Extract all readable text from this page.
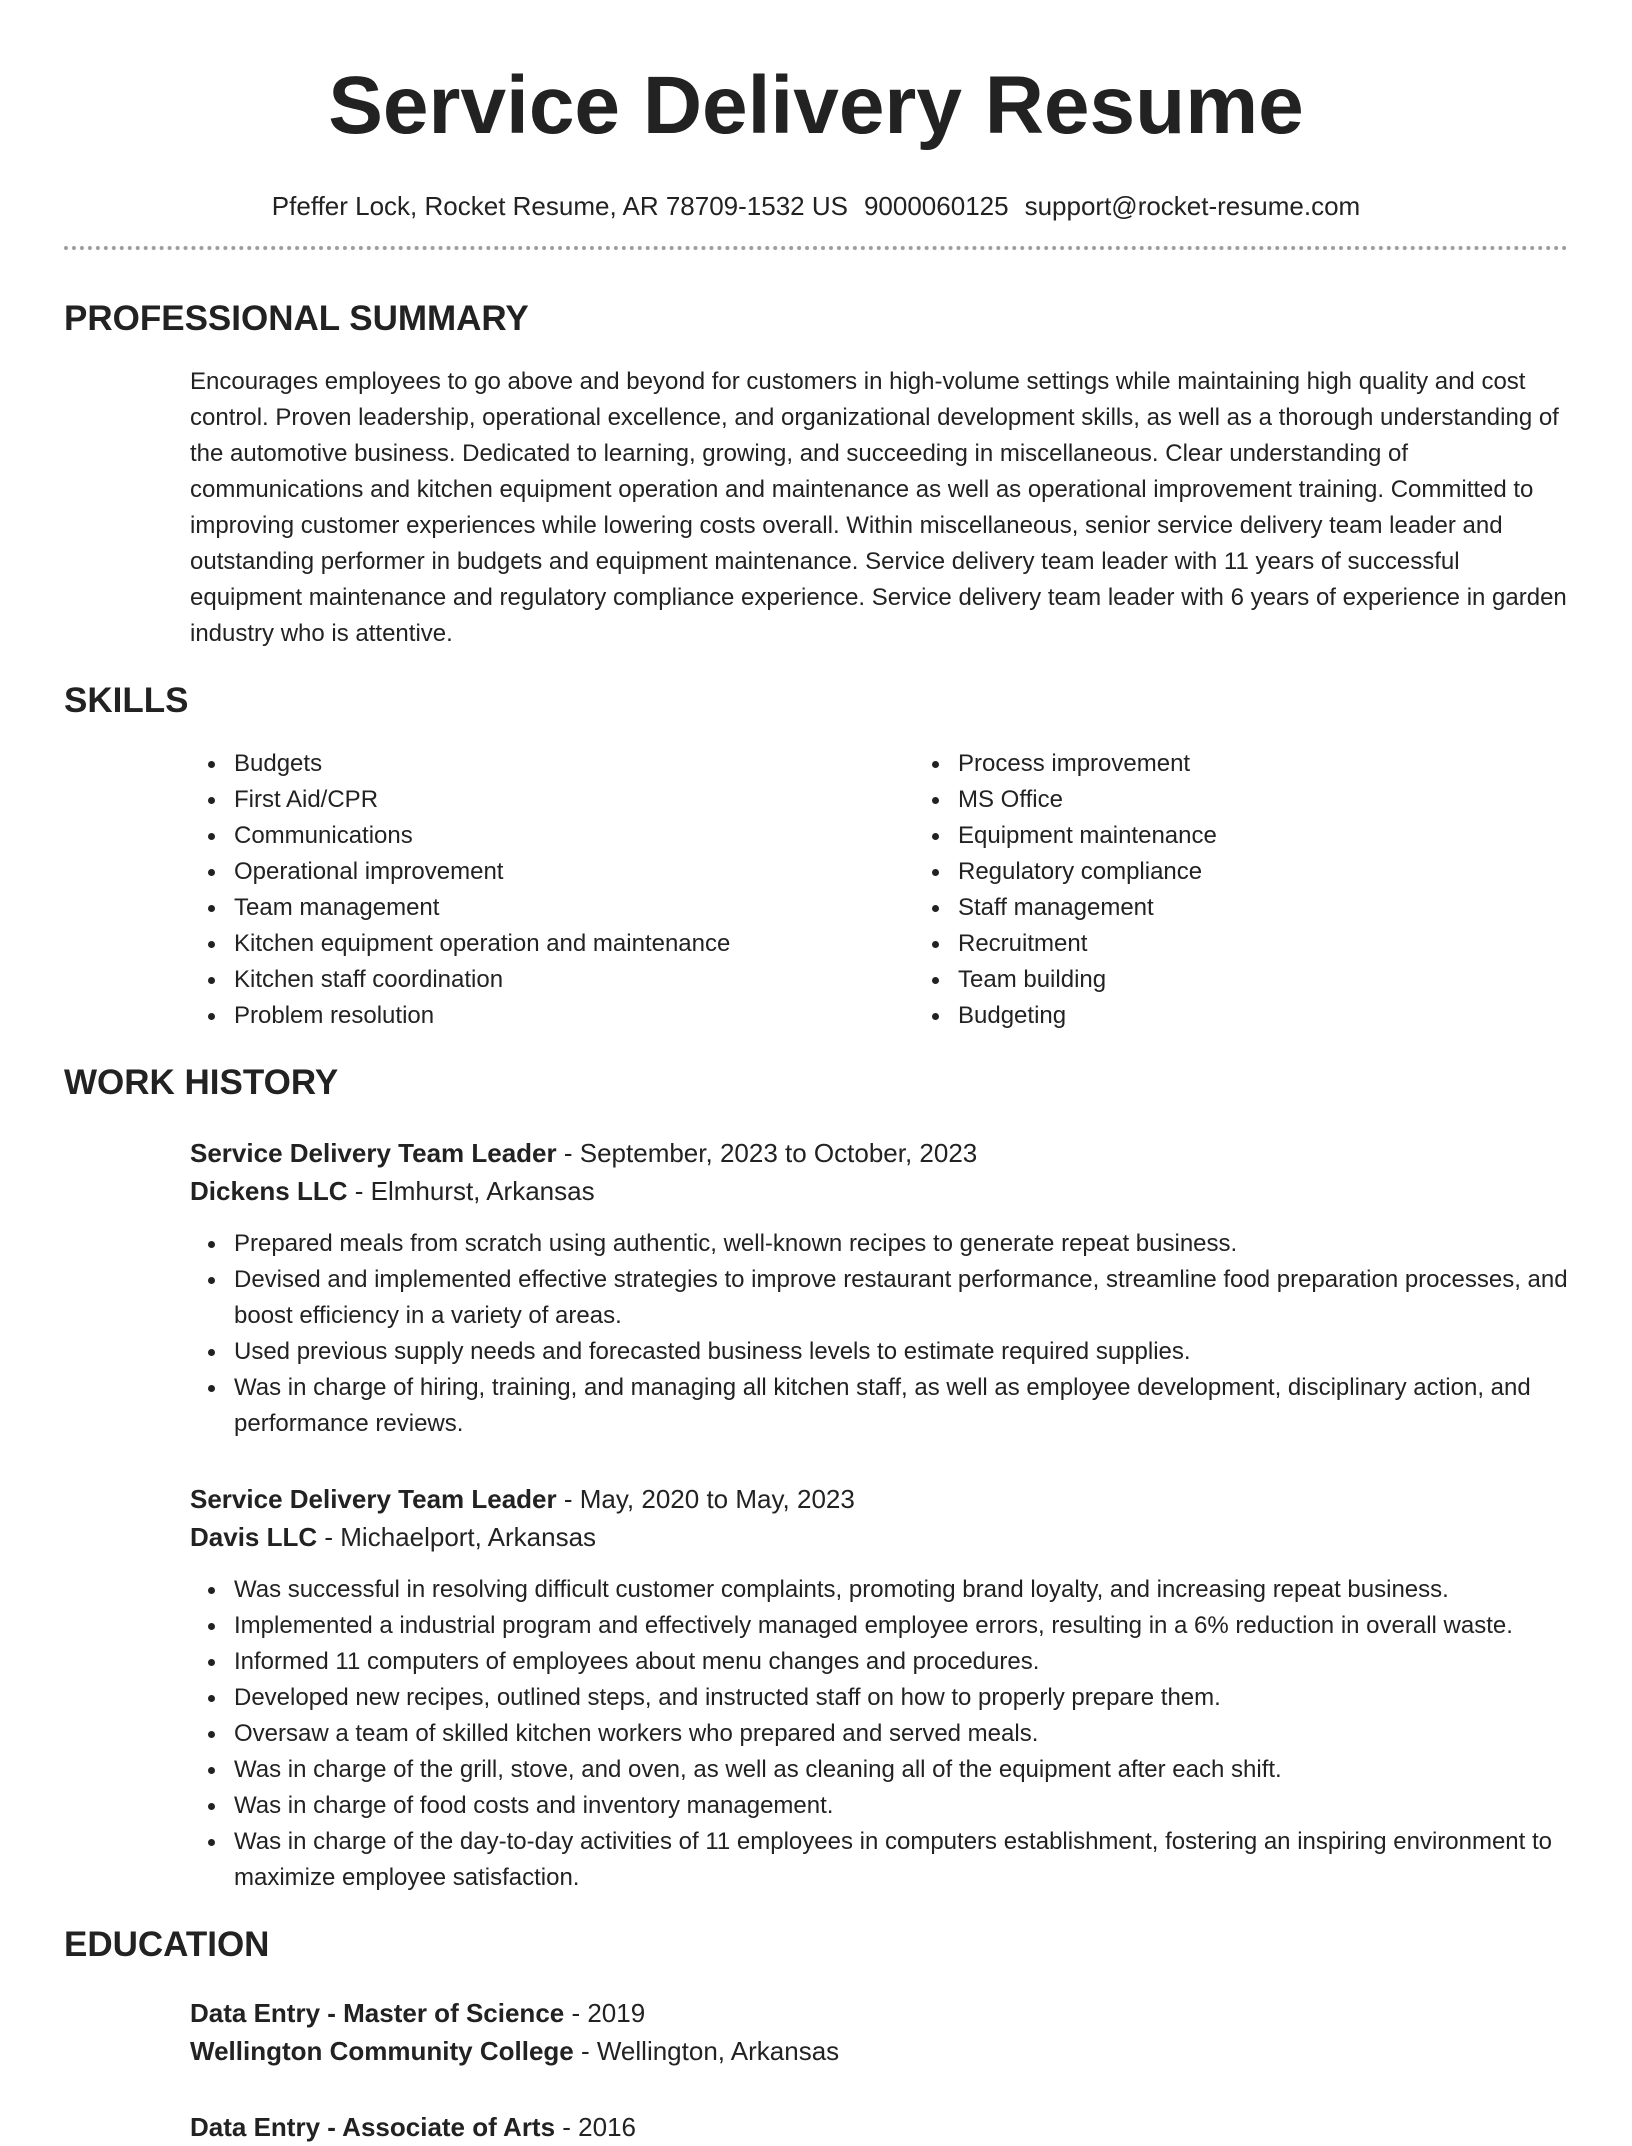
Service Delivery Resume
Pfeffer Lock, Rocket Resume, AR 78709-1532 US 9000060125 support@rocket-resume.com
PROFESSIONAL SUMMARY
Encourages employees to go above and beyond for customers in high-volume settings while maintaining high quality and cost control. Proven leadership, operational excellence, and organizational development skills, as well as a thorough understanding of the automotive business. Dedicated to learning, growing, and succeeding in miscellaneous. Clear understanding of communications and kitchen equipment operation and maintenance as well as operational improvement training. Committed to improving customer experiences while lowering costs overall. Within miscellaneous, senior service delivery team leader and outstanding performer in budgets and equipment maintenance. Service delivery team leader with 11 years of successful equipment maintenance and regulatory compliance experience. Service delivery team leader with 6 years of experience in garden industry who is attentive.
SKILLS
Budgets
First Aid/CPR
Communications
Operational improvement
Team management
Kitchen equipment operation and maintenance
Kitchen staff coordination
Problem resolution
Process improvement
MS Office
Equipment maintenance
Regulatory compliance
Staff management
Recruitment
Team building
Budgeting
WORK HISTORY
Service Delivery Team Leader - September, 2023 to October, 2023
Dickens LLC - Elmhurst, Arkansas
Prepared meals from scratch using authentic, well-known recipes to generate repeat business.
Devised and implemented effective strategies to improve restaurant performance, streamline food preparation processes, and boost efficiency in a variety of areas.
Used previous supply needs and forecasted business levels to estimate required supplies.
Was in charge of hiring, training, and managing all kitchen staff, as well as employee development, disciplinary action, and performance reviews.
Service Delivery Team Leader - May, 2020 to May, 2023
Davis LLC - Michaelport, Arkansas
Was successful in resolving difficult customer complaints, promoting brand loyalty, and increasing repeat business.
Implemented a industrial program and effectively managed employee errors, resulting in a 6% reduction in overall waste.
Informed 11 computers of employees about menu changes and procedures.
Developed new recipes, outlined steps, and instructed staff on how to properly prepare them.
Oversaw a team of skilled kitchen workers who prepared and served meals.
Was in charge of the grill, stove, and oven, as well as cleaning all of the equipment after each shift.
Was in charge of food costs and inventory management.
Was in charge of the day-to-day activities of 11 employees in computers establishment, fostering an inspiring environment to maximize employee satisfaction.
EDUCATION
Data Entry - Master of Science - 2019
Wellington Community College - Wellington, Arkansas
Data Entry - Associate of Arts - 2016
